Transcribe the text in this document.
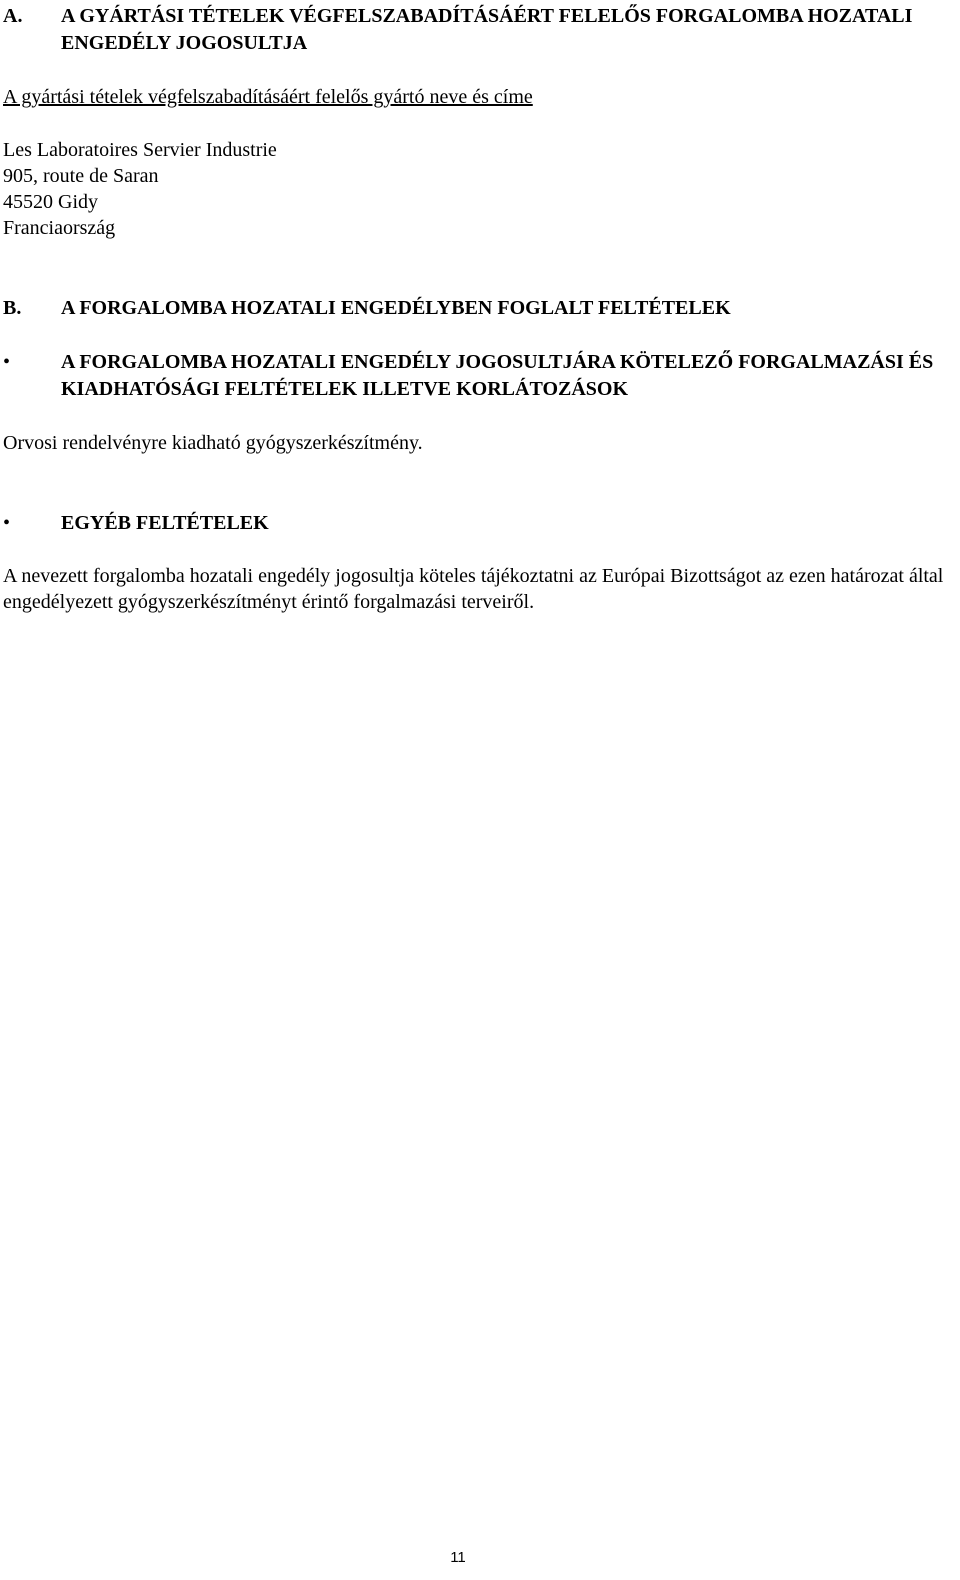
A. A GYÁRTÁSI TÉTELEK VÉGFELSZABADÍTÁSÁÉRT FELELŐS FORGALOMBA HOZATALI ENGEDÉLY JOGOSULTJA
A gyártási tételek végfelszabadításáért felelős gyártó neve és címe
Les Laboratoires Servier Industrie
905, route de Saran
45520 Gidy
Franciaország
B. A FORGALOMBA HOZATALI ENGEDÉLYBEN FOGLALT FELTÉTELEK
•	A FORGALOMBA HOZATALI ENGEDÉLY JOGOSULTJÁRA KÖTELEZŐ FORGALMAZÁSI ÉS KIADHATÓSÁGI FELTÉTELEK ILLETVE KORLÁTOZÁSOK
Orvosi rendelvényre kiadható gyógyszerkészítmény.
•	EGYÉB FELTÉTELEK
A nevezett forgalomba hozatali engedély jogosultja köteles tájékoztatni az Európai Bizottságot az ezen határozat által engedélyezett gyógyszerkészítményt érintő forgalmazási terveiről.
11
